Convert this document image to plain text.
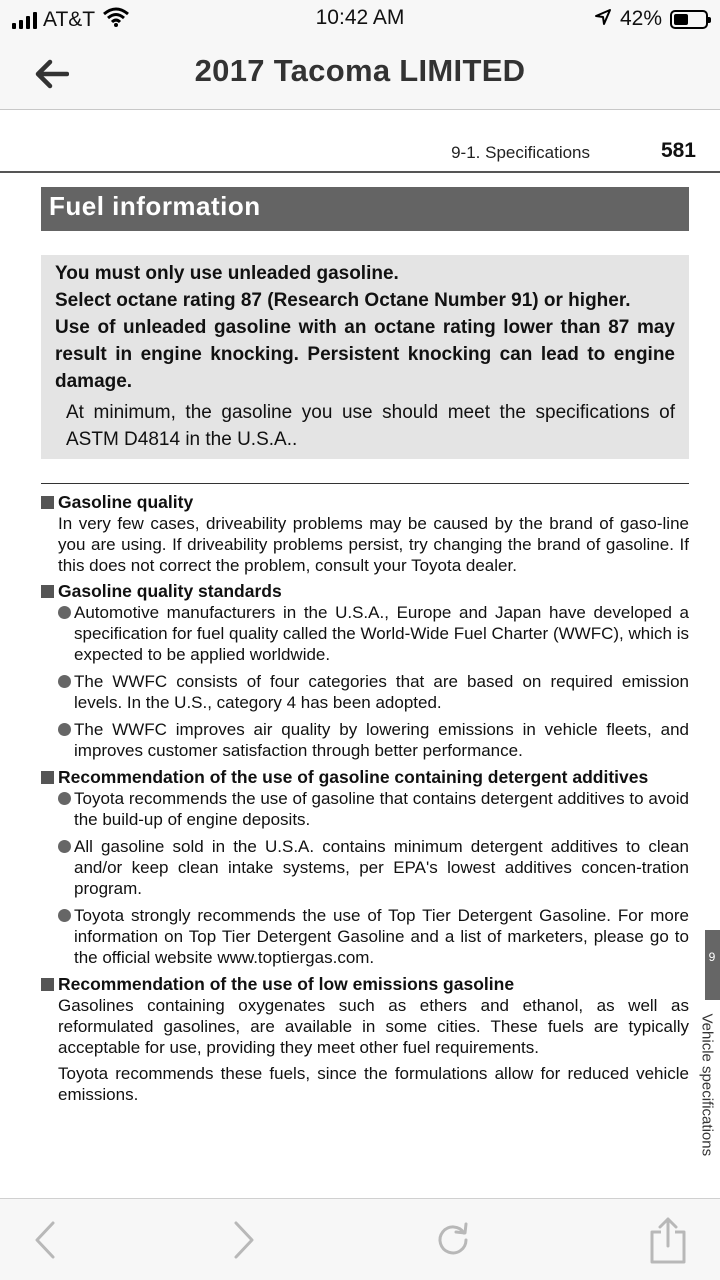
AT&T	10:42 AM	42%
2017 Tacoma LIMITED
9-1. Specifications	581
Fuel information
You must only use unleaded gasoline.
Select octane rating 87 (Research Octane Number 91) or higher.
Use of unleaded gasoline with an octane rating lower than 87 may result in engine knocking. Persistent knocking can lead to engine damage.
At minimum, the gasoline you use should meet the specifications of ASTM D4814 in the U.S.A..
Gasoline quality
In very few cases, driveability problems may be caused by the brand of gaso-line you are using. If driveability problems persist, try changing the brand of gasoline. If this does not correct the problem, consult your Toyota dealer.
Gasoline quality standards
Automotive manufacturers in the U.S.A., Europe and Japan have developed a specification for fuel quality called the World-Wide Fuel Charter (WWFC), which is expected to be applied worldwide.
The WWFC consists of four categories that are based on required emission levels. In the U.S., category 4 has been adopted.
The WWFC improves air quality by lowering emissions in vehicle fleets, and improves customer satisfaction through better performance.
Recommendation of the use of gasoline containing detergent additives
Toyota recommends the use of gasoline that contains detergent additives to avoid the build-up of engine deposits.
All gasoline sold in the U.S.A. contains minimum detergent additives to clean and/or keep clean intake systems, per EPA's lowest additives concen-tration program.
Toyota strongly recommends the use of Top Tier Detergent Gasoline. For more information on Top Tier Detergent Gasoline and a list of marketers, please go to the official website www.toptiergas.com.
Recommendation of the use of low emissions gasoline
Gasolines containing oxygenates such as ethers and ethanol, as well as reformulated gasolines, are available in some cities. These fuels are typically acceptable for use, providing they meet other fuel requirements.
Toyota recommends these fuels, since the formulations allow for reduced vehicle emissions.
9
Vehicle specifications
